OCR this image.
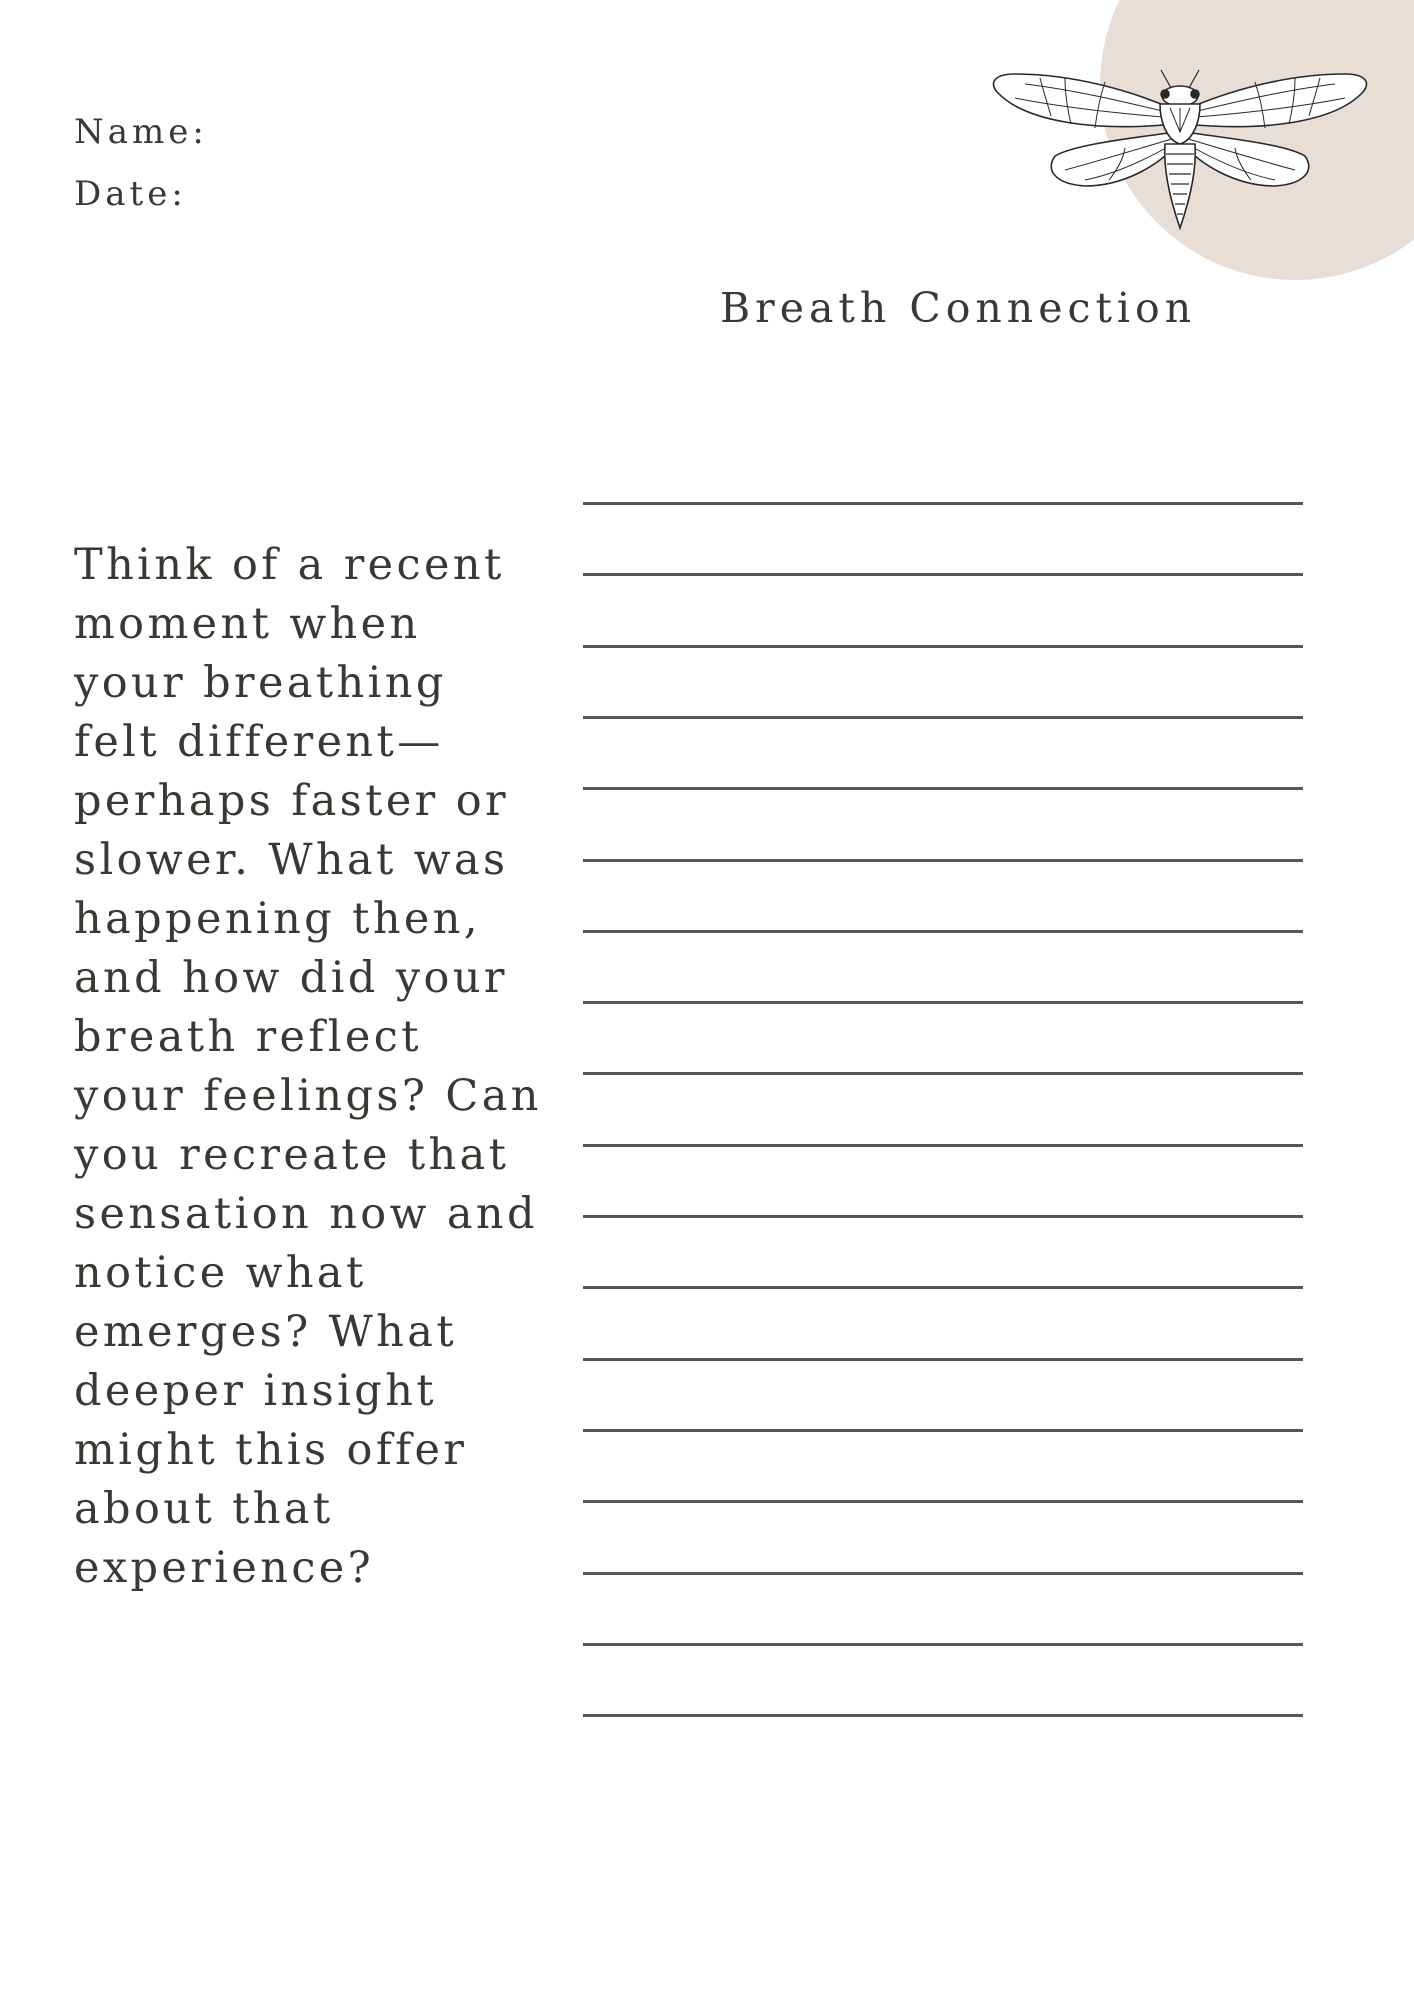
Name:
Date:
Breath Connection

Think of a recent
moment when
your breathing
felt different—
perhaps faster or
slower. What was
happening then,
and how did your
breath reflect
your feelings? Can
you recreate that
sensation now and
notice what
emerges? What
deeper insight
might this offer
about that
experience?
